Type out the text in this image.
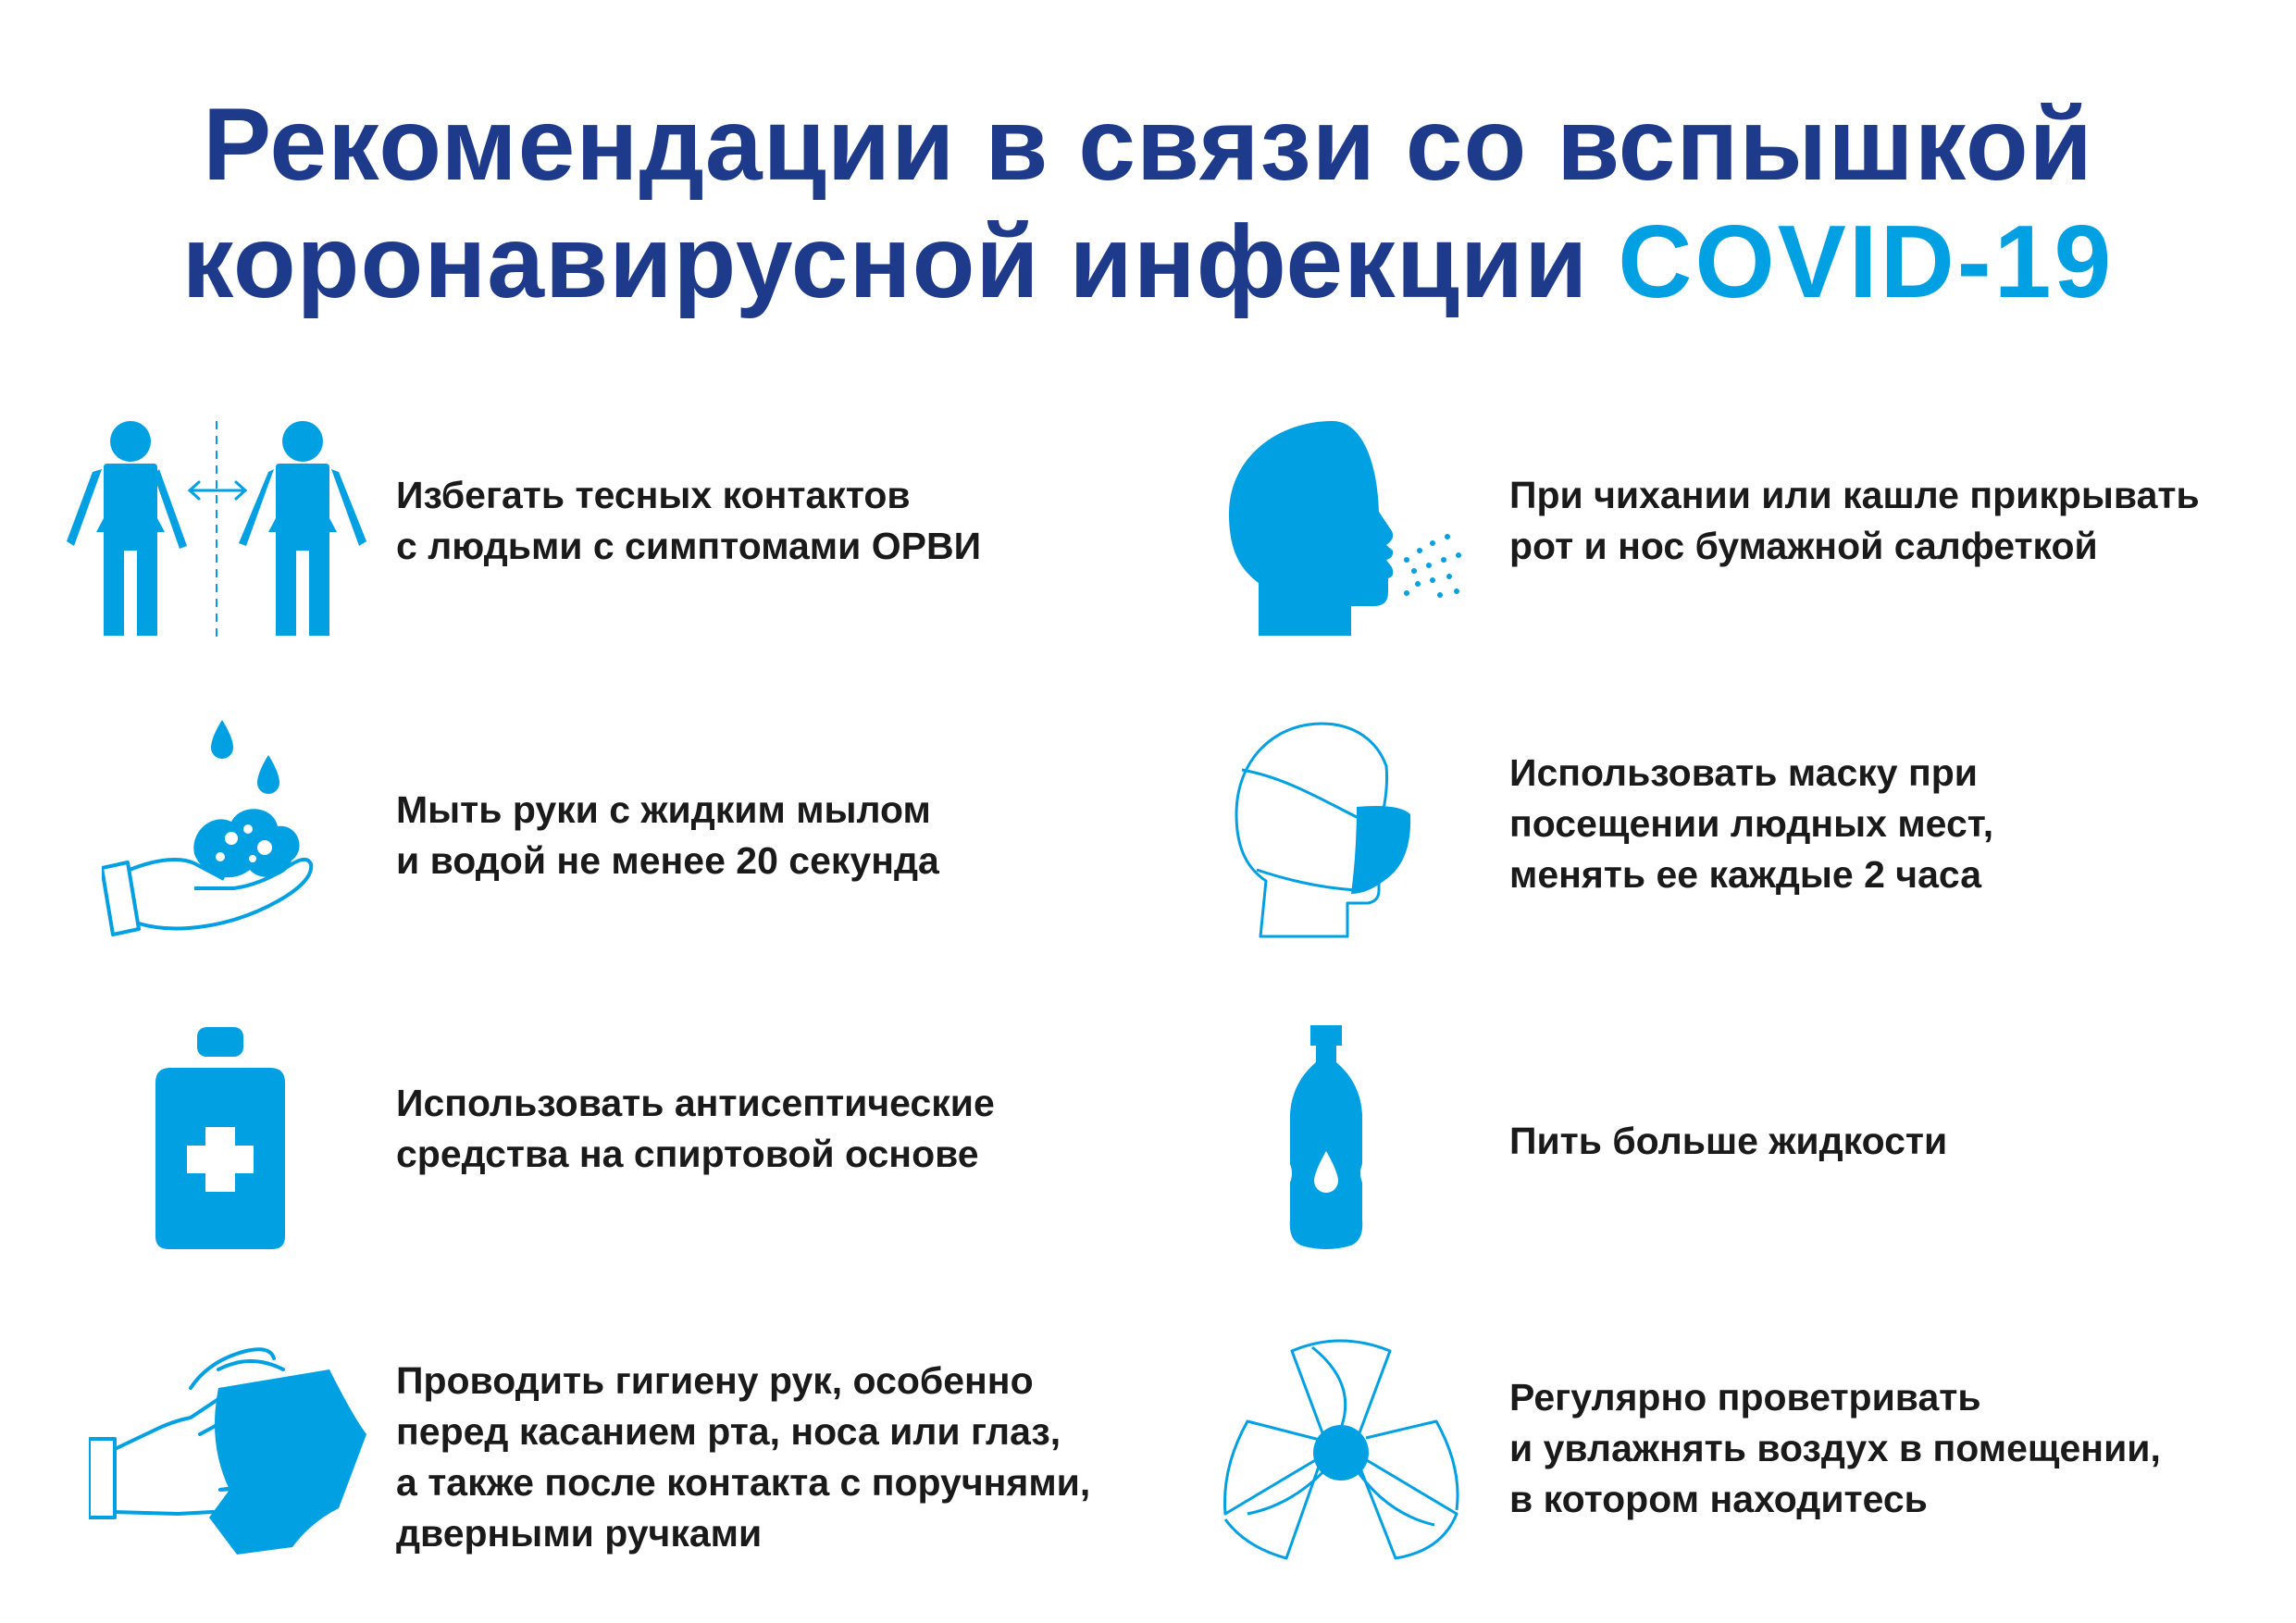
Рекомендации в связи со вспышкой
коронавирусной инфекции COVID-19
Избегать тесных контактов
с людьми с симптомами ОРВИ
При чихании или кашле прикрывать
рот и нос бумажной салфеткой
Мыть руки с жидким мылом
и водой не менее 20 секунда
Использовать маску при
посещении людных мест,
менять ее каждые 2 часа
Использовать антисептические
средства на спиртовой основе	Пить больше жидкости
Проводить гигиену рук, особенно
перед касанием рта, носа или глаз,
а также после контакта с поручнями,
дверными ручками
Регулярно проветривать
и увлажнять воздух в помещении,
в котором находитесь
